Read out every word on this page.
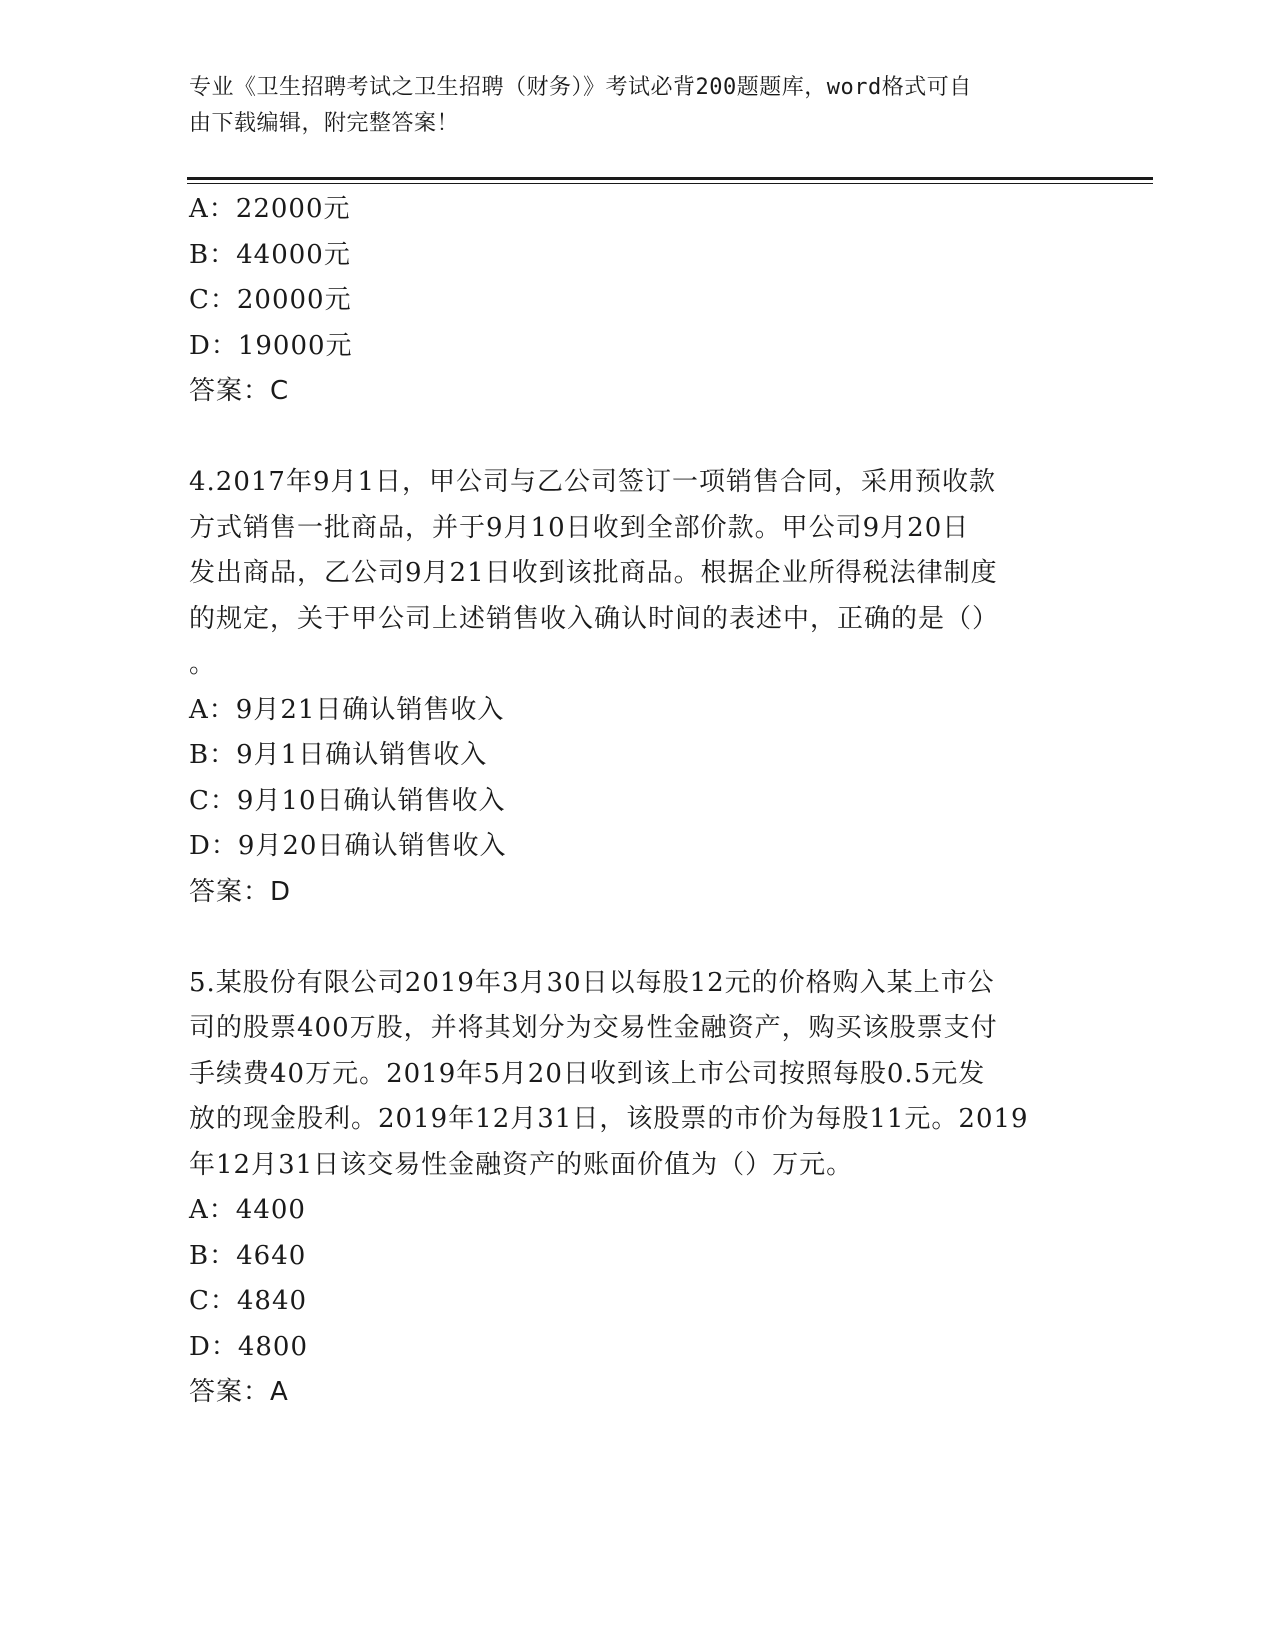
专业《卫生招聘考试之卫生招聘（财务）》考试必背200题题库，word格式可自
由下载编辑，附完整答案！
A：22000元
B：44000元
C：20000元
D：19000元
答案：C
4.2017年9月1日，甲公司与乙公司签订一项销售合同，采用预收款
方式销售一批商品，并于9月10日收到全部价款。甲公司9月20日
发出商品，乙公司9月21日收到该批商品。根据企业所得税法律制度
的规定，关于甲公司上述销售收入确认时间的表述中，正确的是（）
。
A：9月21日确认销售收入
B：9月1日确认销售收入
C：9月10日确认销售收入
D：9月20日确认销售收入
答案：D
5.某股份有限公司2019年3月30日以每股12元的价格购入某上市公
司的股票400万股，并将其划分为交易性金融资产，购买该股票支付
手续费40万元。2019年5月20日收到该上市公司按照每股0.5元发
放的现金股利。2019年12月31日，该股票的市价为每股11元。2019
年12月31日该交易性金融资产的账面价值为（）万元。
A：4400
B：4640
C：4840
D：4800
答案：A
